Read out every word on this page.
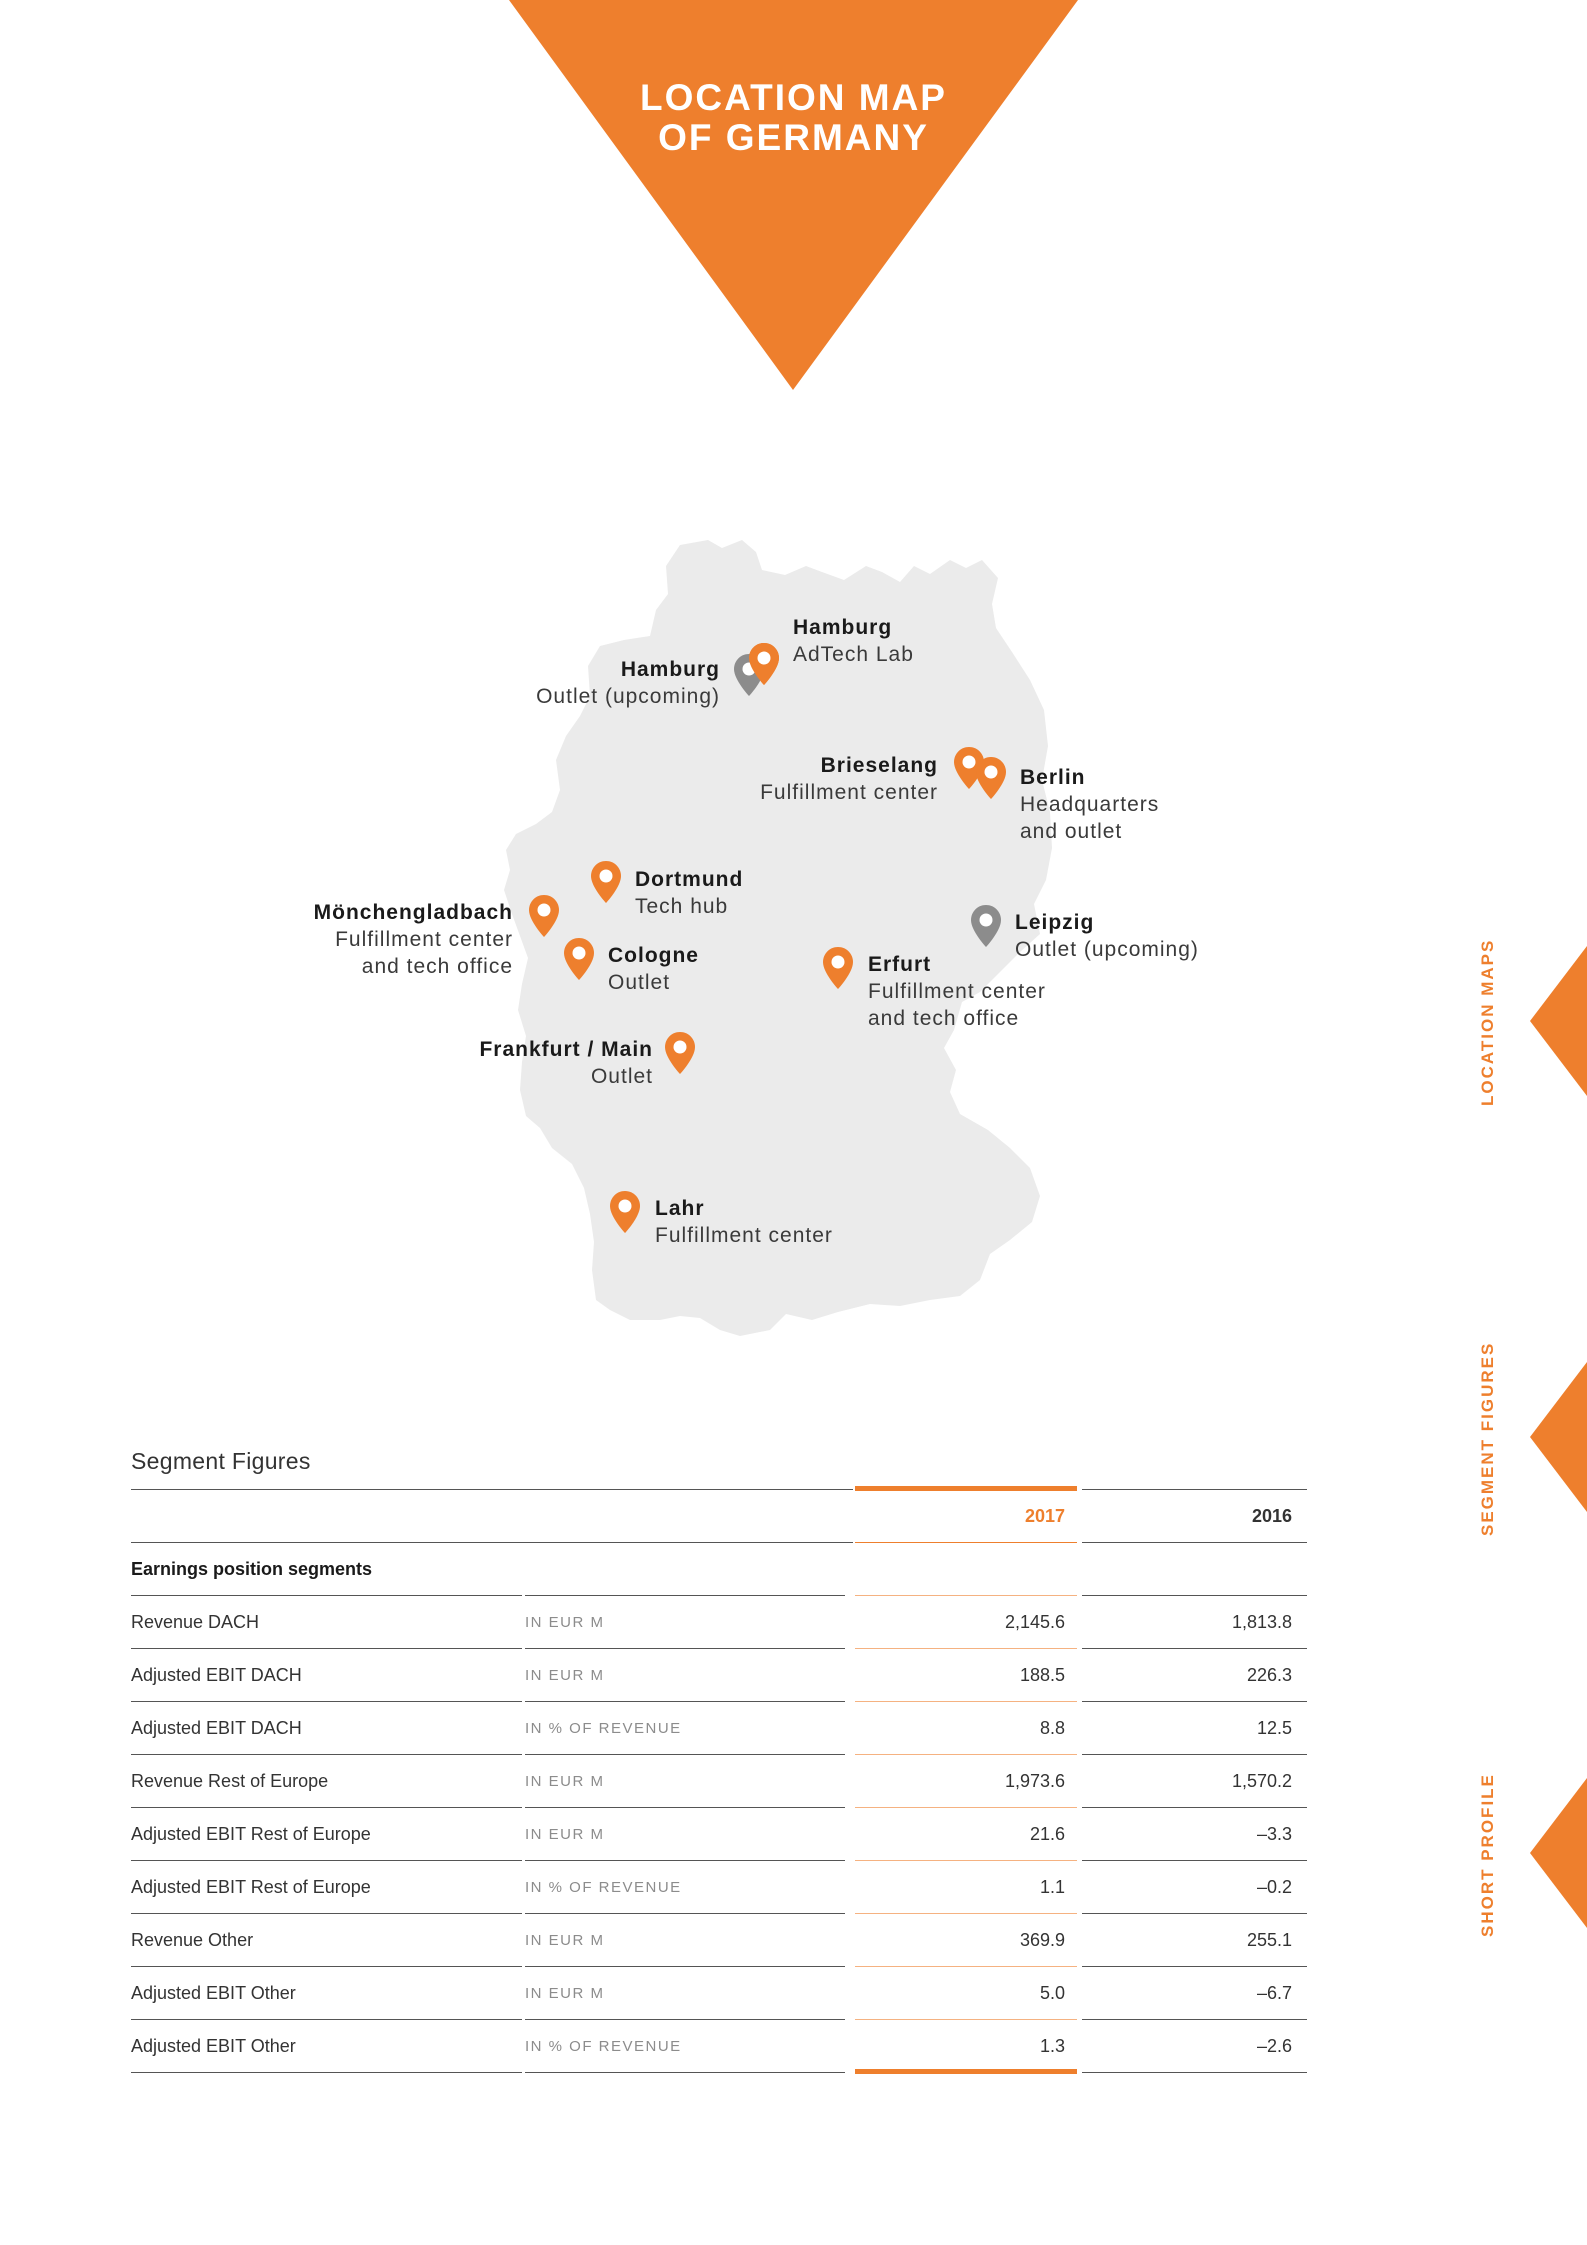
LOCATION MAP
OF GERMANY
Hamburg
AdTech Lab
Hamburg
Outlet (upcoming)
Brieselang
Fulfillment center
Berlin
Headquarters
and outlet
Dortmund
Tech hub
Mönchengladbach
Fulfillment center
and tech office	Cologne
Outlet
Leipzig
Outlet (upcoming)
Erfurt
Fulfillment center
and tech office
Frankfurt / Main
Outlet
Lahr
Fulfillment center
Segment Figures
2017	2016
Earnings position segments
Revenue DACH	IN EUR M	2,145.6	1,813.8
Adjusted EBIT DACH	IN EUR M	188.5	226.3
Adjusted EBIT DACH	IN % OF REVENUE	8.8	12.5
Revenue Rest of Europe	IN EUR M	1,973.6	1,570.2
Adjusted EBIT Rest of Europe	IN EUR M	21.6	–3.3
Adjusted EBIT Rest of Europe	IN % OF REVENUE	1.1	–0.2
Revenue Other	IN EUR M	369.9	255.1
Adjusted EBIT Other	IN EUR M	5.0	–6.7
Adjusted EBIT Other	IN % OF REVENUE	1.3	–2.6
LOCATION MAPS
SEGMENT FIGURES
SHORT PROFILE
